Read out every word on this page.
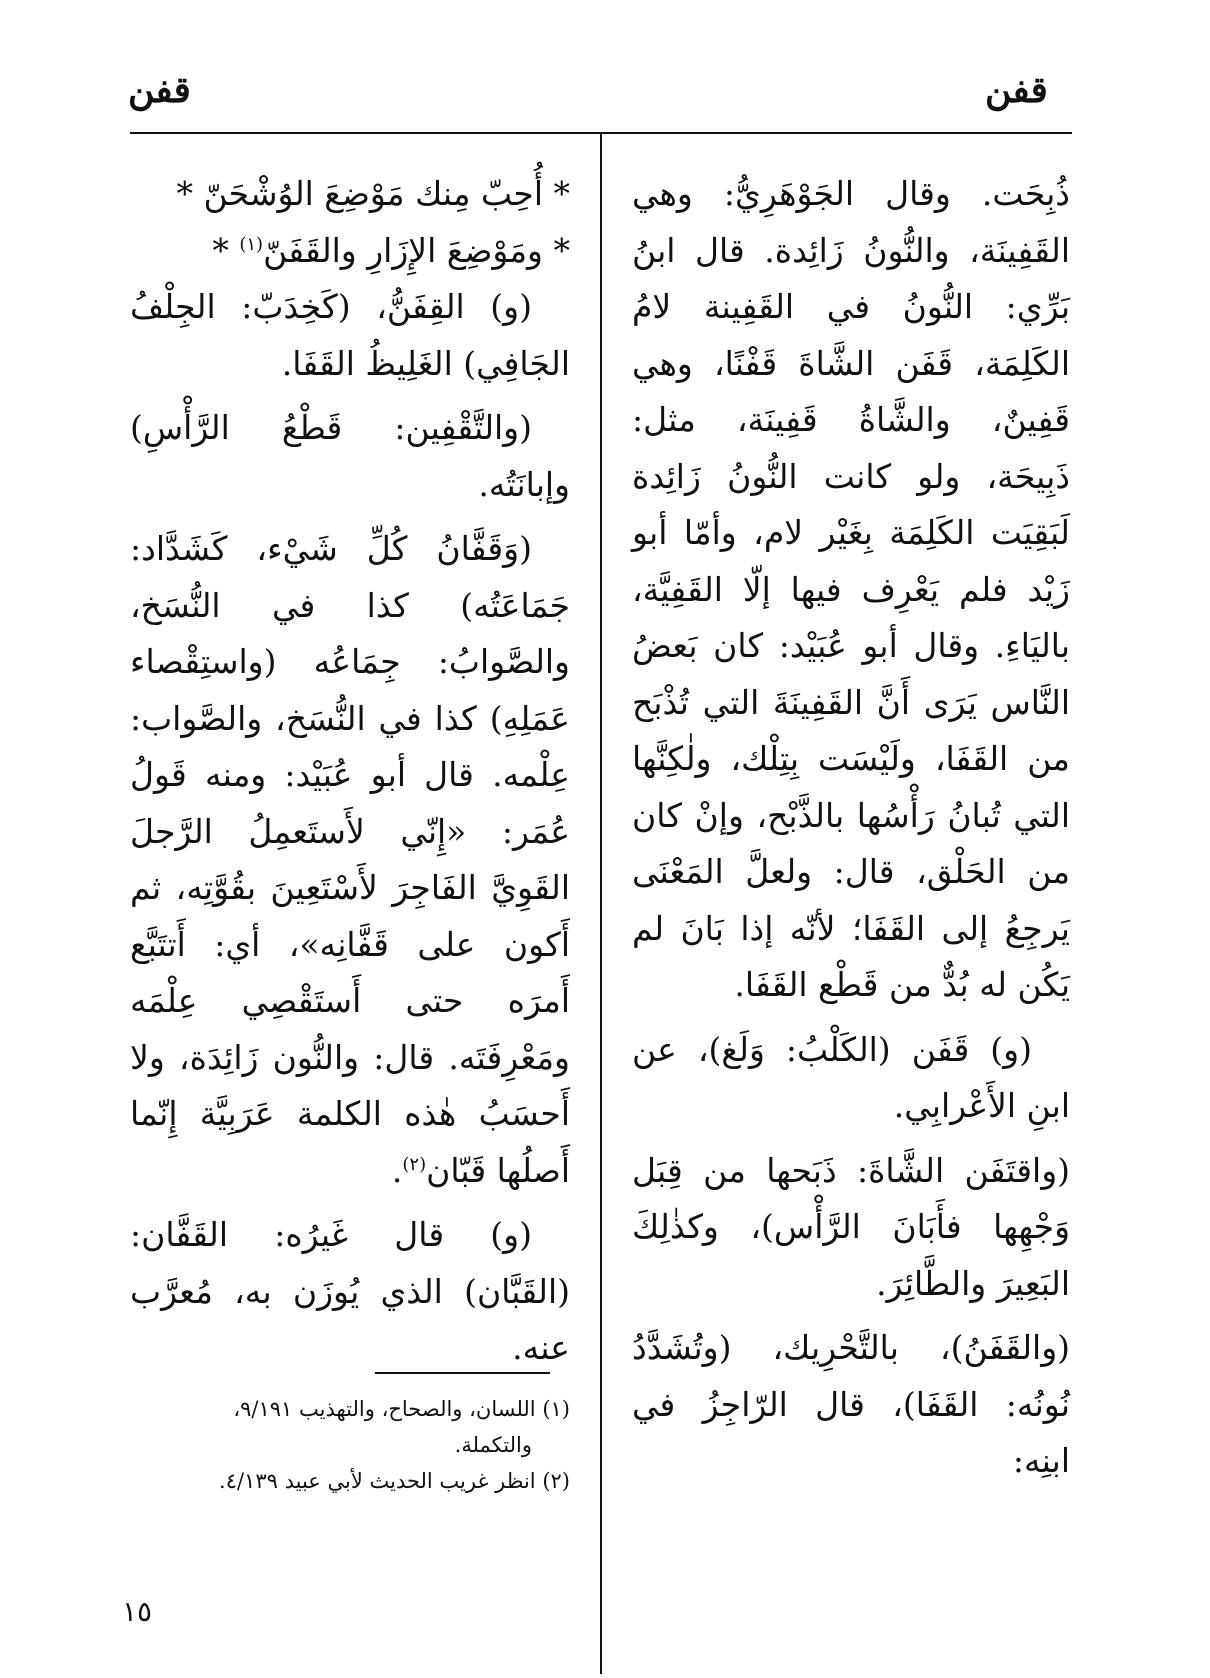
قفن
قفن

ذُبِحَت. وقال الجَوْهَرِيُّ: وهي القَفِينَة، والنُّونُ زَائِدة. قال ابنُ بَرِّي: النُّونُ في القَفِينة لامُ الكَلِمَة، قَفَن الشَّاةَ قَفْنًا، وهي قَفِينٌ، والشَّاةُ قَفِينَة، مثل: ذَبِيحَة، ولو كانت النُّونُ زَائِدة لَبَقِيَت الكَلِمَة بِغَيْر لام، وأمّا أبو زَيْد فلم يَعْرِف فيها إلّا القَفِيَّة، باليَاءِ. وقال أبو عُبَيْد: كان بَعضُ النَّاس يَرَى أَنَّ القَفِينَةَ التي تُذْبَح من القَفَا، ولَيْسَت بِتِلْك، ولٰكِنَّها التي تُبانُ رَأْسُها بالذَّبْح، وإنْ كان من الحَلْق، قال: ولعلَّ المَعْنَى يَرجِعُ إلى القَفَا؛ لأنّه إذا بَانَ لم يَكُن له بُدٌّ من قَطْع القَفَا.

(و) قَفَن (الكَلْبُ: وَلَغ)، عن ابنِ الأَعْرابِي.

(واقتَفَن الشَّاةَ: ذَبَحها من قِبَل وَجْهِها فأَبَانَ الرَّأْس)، وكذٰلِكَ البَعِيرَ والطَّائِرَ.

(والقَفَنُ)، بالتَّحْرِيك، (وتُشَدَّدُ نُونُه: القَفَا)، قال الرّاجِزُ في ابنِه:

* أُحِبّ مِنك مَوْضِعَ الوُشْحَنّ *

* ومَوْضِعَ الإِزَارِ والقَفَنّ$^{(١)}$ *

(و) القِفَنُّ، (كَخِدَبّ: الجِلْفُ الجَافِي) الغَلِيظُ القَفَا.

(والتَّقْفِين: قَطْعُ الرَّأْسِ) وإبانَتُه.

(وَقَفَّانُ كُلِّ شَيْء، كَشَدَّاد: جَمَاعَتُه) كذا في النُّسَخ، والصَّوابُ: جِمَاعُه (واستِقْصاء عَمَلِهِ) كذا في النُّسَخ، والصَّواب: عِلْمه. قال أبو عُبَيْد: ومنه قَولُ عُمَر: «إِنّي لأَستَعمِلُ الرَّجلَ القَوِيَّ الفَاجِرَ لأَسْتَعِينَ بقُوَّتِه، ثم أَكون على قَفَّانِه»، أي: أَتتَبَّع أَمرَه حتى أَستَقْصِي عِلْمَه ومَعْرِفَتَه. قال: والنُّون زَائِدَة، ولا أَحسَبُ هٰذه الكلمة عَرَبِيَّة إِنّما أَصلُها قَبّان$^{(٢)}$.

(و) قال غَيرُه: القَفَّان: (القَبَّان) الذي يُوزَن به، مُعرَّب عنه.

(١) اللسان، والصحاح، والتهذيب ٩/١٩١،

والتكملة.

(٢) انظر غريب الحديث لأبي عبيد ٤/١٣٩.

١٥
